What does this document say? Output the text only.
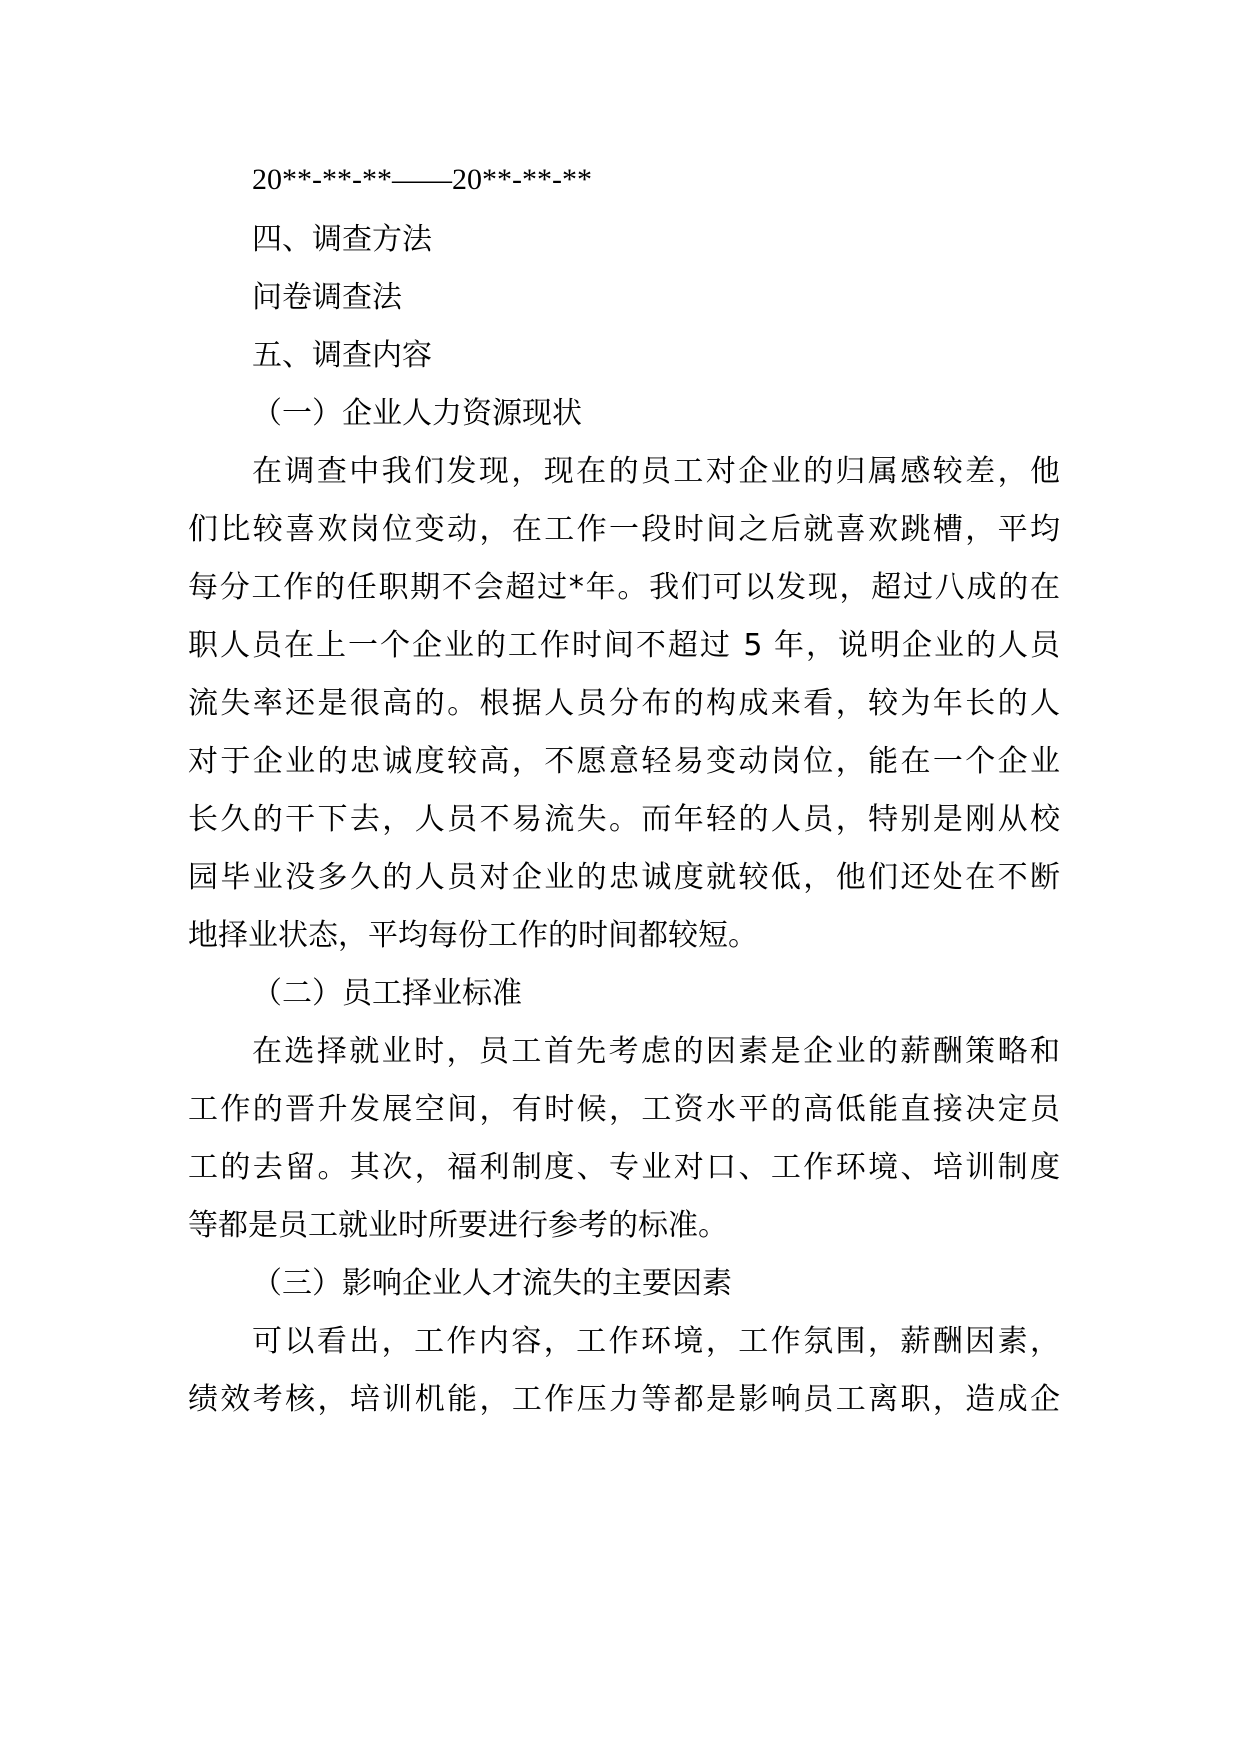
20**-**-**——20**-**-**
四、调查方法
问卷调查法
五、调查内容
（一）企业人力资源现状
在调查中我们发现，现在的员工对企业的归属感较差，他
们比较喜欢岗位变动，在工作一段时间之后就喜欢跳槽，平均
每分工作的任职期不会超过*年。我们可以发现，超过八成的在
职人员在上一个企业的工作时间不超过 5 年，说明企业的人员
流失率还是很高的。根据人员分布的构成来看，较为年长的人
对于企业的忠诚度较高，不愿意轻易变动岗位，能在一个企业
长久的干下去，人员不易流失。而年轻的人员，特别是刚从校
园毕业没多久的人员对企业的忠诚度就较低，他们还处在不断
地择业状态，平均每份工作的时间都较短。
（二）员工择业标准
在选择就业时，员工首先考虑的因素是企业的薪酬策略和
工作的晋升发展空间，有时候，工资水平的高低能直接决定员
工的去留。其次，福利制度、专业对口、工作环境、培训制度
等都是员工就业时所要进行参考的标准。
（三）影响企业人才流失的主要因素
可以看出，工作内容，工作环境，工作氛围，薪酬因素，
绩效考核，培训机能，工作压力等都是影响员工离职，造成企
